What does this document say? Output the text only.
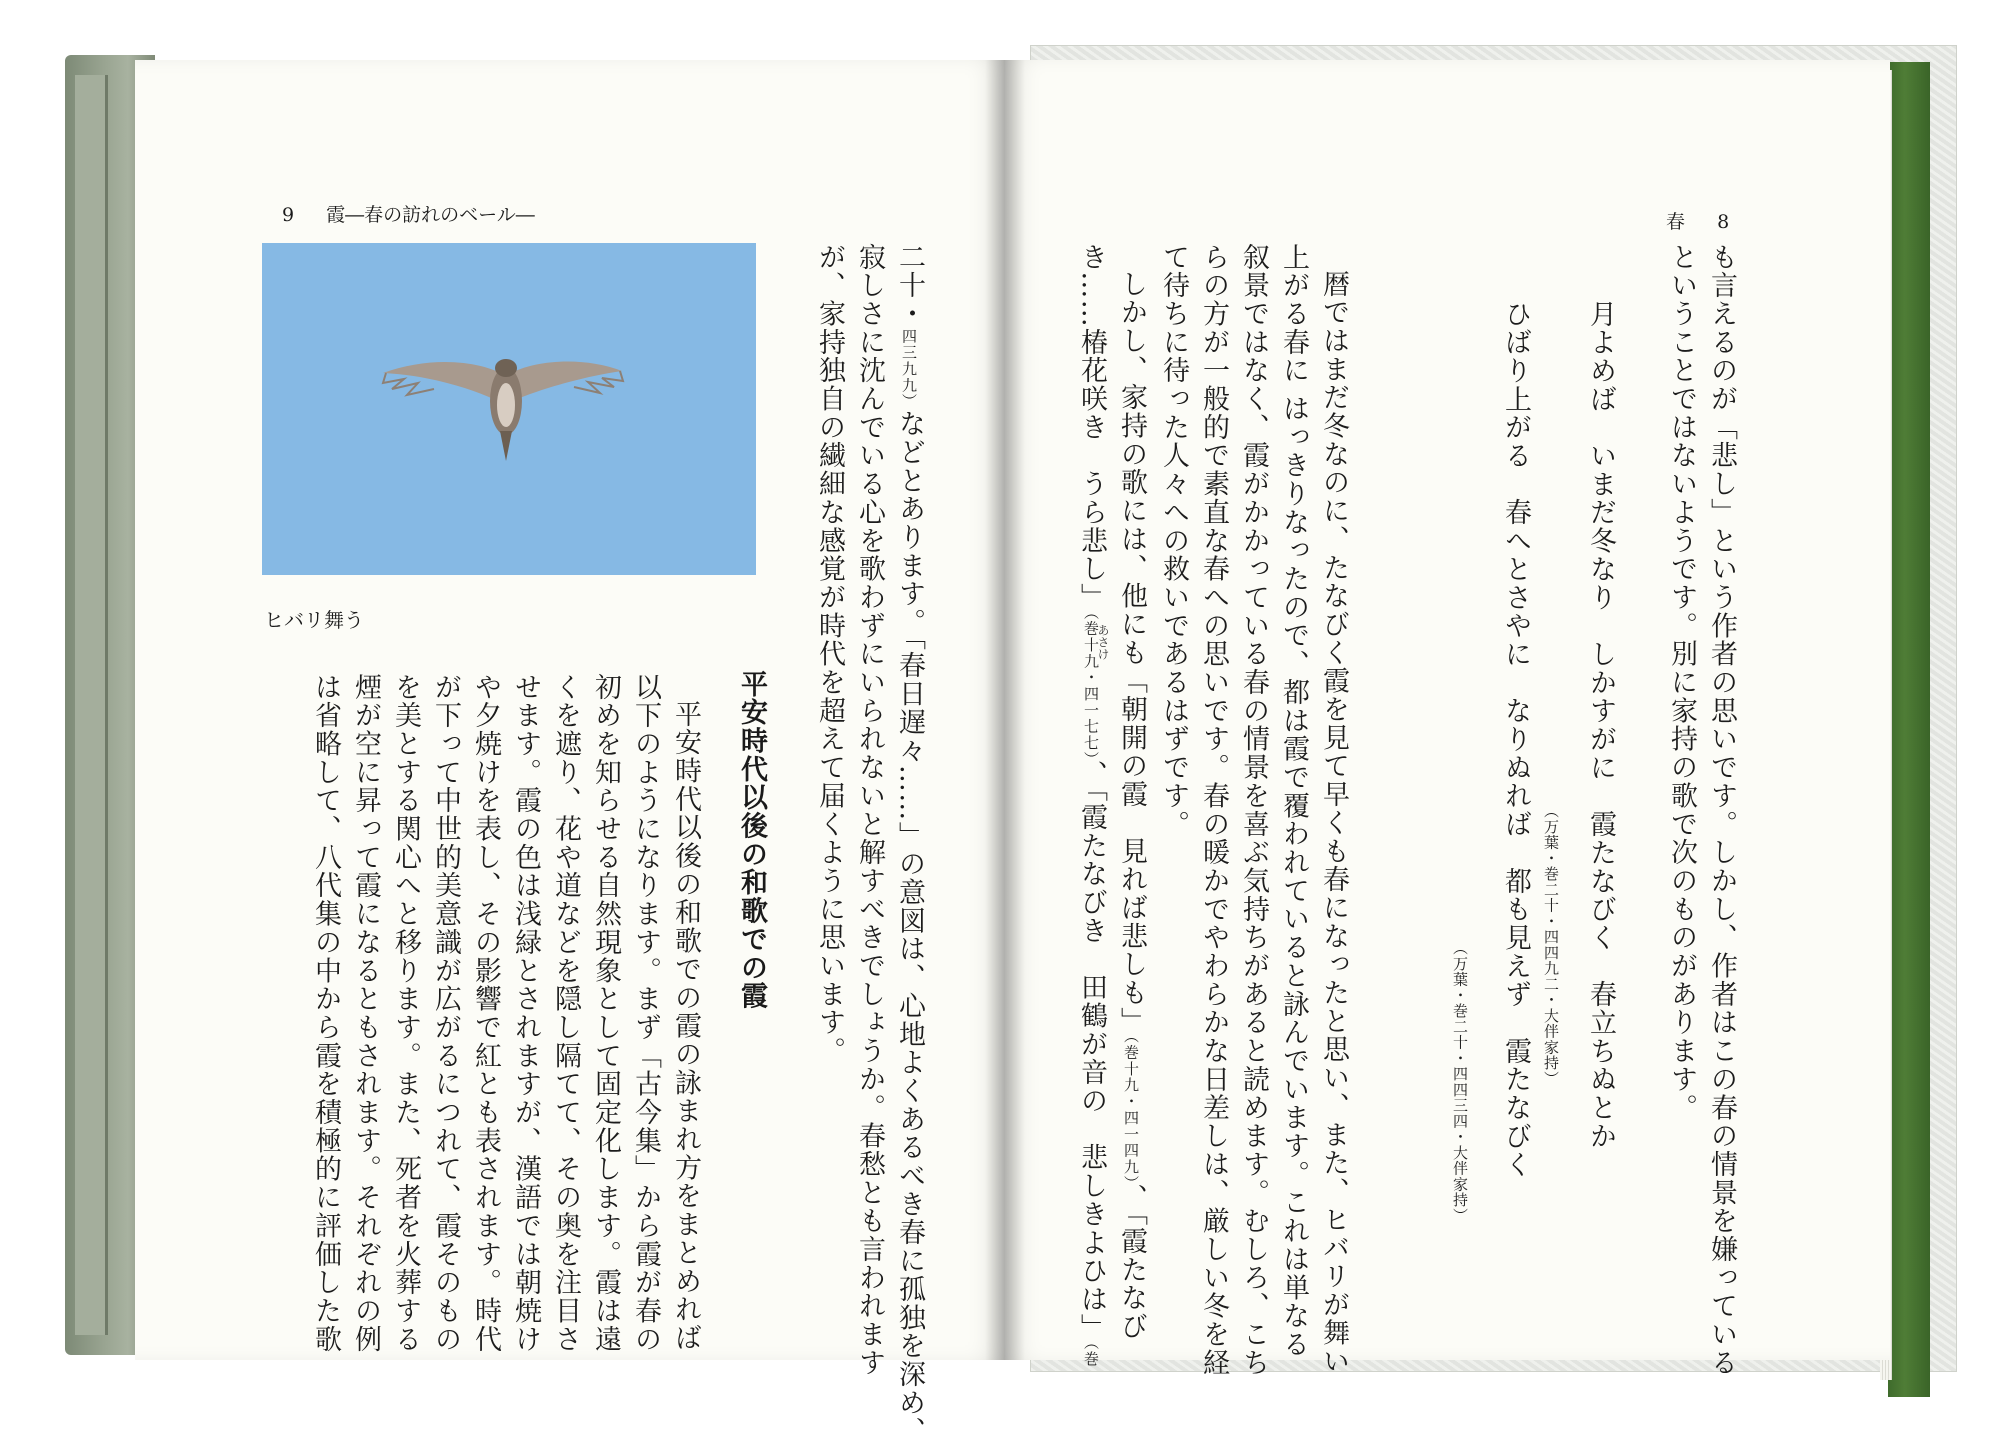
9 霞―春の訪れのベール―
ヒバリ舞う
二十・四三九九）などとあります。「春日遅々……」の意図は、心地よくあるべき春に孤独を深め、
寂しさに沈んでいる心を歌わずにいられないと解すべきでしょうか。春愁とも言われます
が、家持独自の繊細な感覚が時代を超えて届くように思います。
平安時代以後の和歌での霞
平安時代以後の和歌での霞の詠まれ方をまとめれば
以下のようになります。まず「古今集」から霞が春の
初めを知らせる自然現象として固定化します。霞は遠
くを遮り、花や道などを隠し隔てて、その奥を注目さ
せます。霞の色は浅緑とされますが、漢語では朝焼け
や夕焼けを表し、その影響で紅とも表されます。時代
が下って中世的美意識が広がるにつれて、霞そのもの
を美とする関心へと移ります。また、死者を火葬する
煙が空に昇って霞になるともされます。それぞれの例
は省略して、八代集の中から霞を積極的に評価した歌
春 8
も言えるのが「悲し」という作者の思いです。しかし、作者はこの春の情景を嫌っている
ということではないようです。別に家持の歌で次のものがあります。
月よめば　いまだ冬なり　しかすがに　霞たなびく　春立ちぬとか
（万葉・巻二十・四四九二・大伴家持）
ひばり上がる　春へとさやに　なりぬれば　都も見えず　霞たなびく
（万葉・巻二十・四四三四・大伴家持）
暦ではまだ冬なのに、たなびく霞を見て早くも春になったと思い、また、ヒバリが舞い
上がる春に はっきりなったので、都は霞で覆われていると詠んでいます。これは単なる
叙景ではなく、霞がかかっている春の情景を喜ぶ気持ちがあると読めます。むしろ、こち
らの方が一般的で素直な春への思いです。春の暖かでやわらかな日差しは、厳しい冬を経
て待ちに待った人々への救いであるはずです。
あさけ しかし、家持の歌には、他にも「朝開の霞　見れば悲しも」（巻十九・四一四九）、「霞たなび
き……椿花咲き　うら悲し」（巻十九・四一七七）、「霞たなびき　田鶴が音の　悲しきよひは」（巻
